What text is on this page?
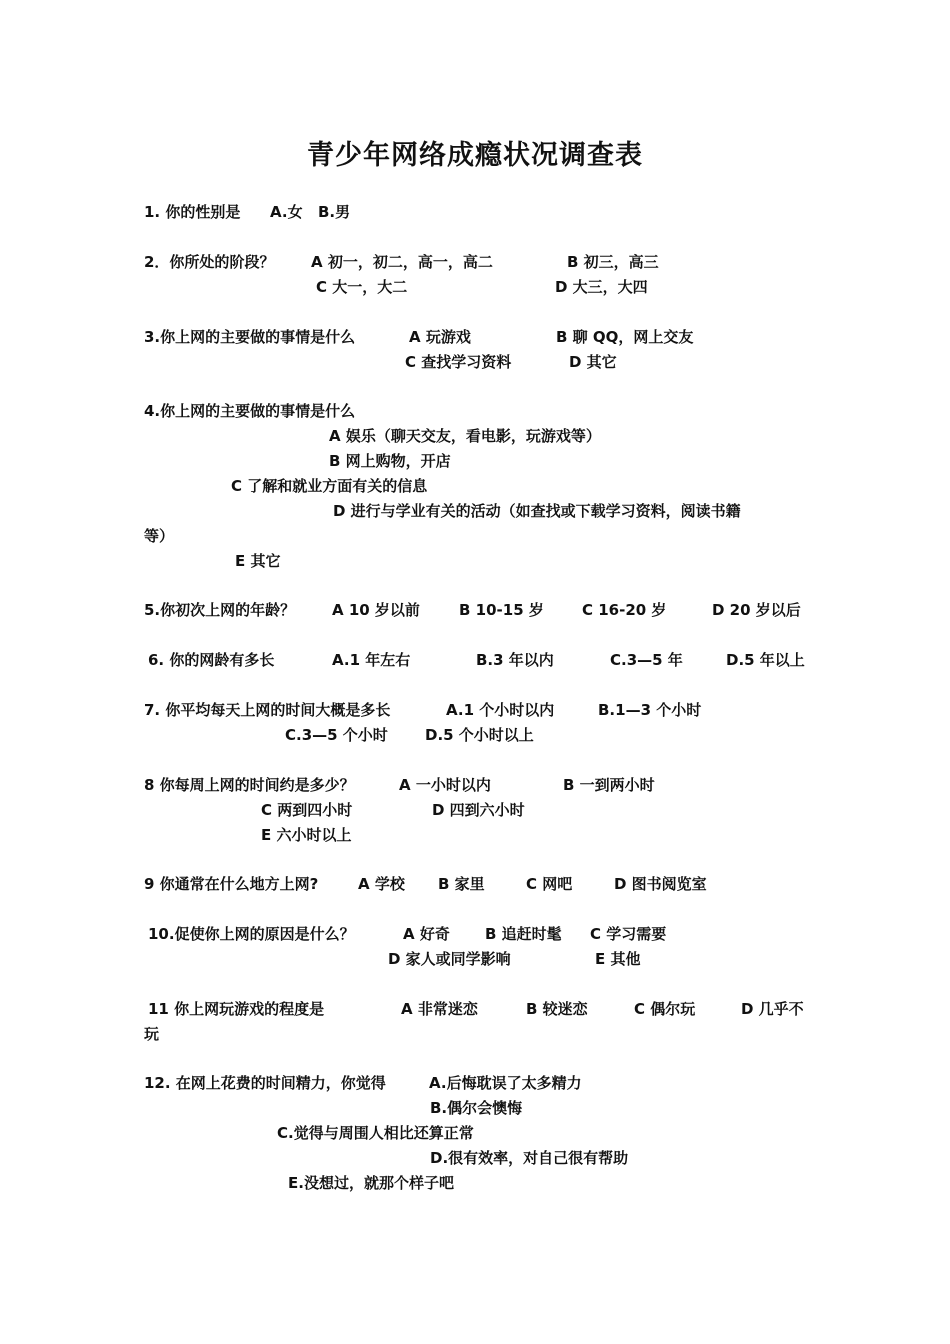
青少年网络成瘾状况调查表
1. 你的性别是 A.女 B.男
2．你所处的阶段？ A 初一，初二，高一，高二	B 初三，高三
C 大一，大二	D 大三，大四
3.你上网的主要做的事情是什么	A 玩游戏	B 聊 QQ，网上交友
C 查找学习资料	D 其它
4.你上网的主要做的事情是什么
A 娱乐（聊天交友，看电影，玩游戏等）
B 网上购物，开店
C 了解和就业方面有关的信息
D 进行与学业有关的活动（如查找或下载学习资料，阅读书籍
等）
E 其它
5.你初次上网的年龄？ A 10 岁以前	B 10-15 岁	C 16-20 岁	D 20 岁以后
6. 你的网龄有多长	A.1 年左右	B.3 年以内	C.3—5 年	D.5 年以上
7. 你平均每天上网的时间大概是多长	A.1 个小时以内	B.1—3 个小时
C.3—5 个小时 D.5 个小时以上
8 你每周上网的时间约是多少？	A 一小时以内	B 一到两小时
C 两到四小时	D 四到六小时
E 六小时以上
9 你通常在什么地方上网?	A 学校 B 家里	C 网吧	D 图书阅览室
10.促使你上网的原因是什么？	A 好奇 B 追赶时髦 C 学习需要
D 家人或同学影响	E 其他
11 你上网玩游戏的程度是	A 非常迷恋	B 较迷恋	C 偶尔玩	D 几乎不
玩
12. 在网上花费的时间精力，你觉得	A.后悔耽误了太多精力
B.偶尔会懊悔
C.觉得与周围人相比还算正常
D.很有效率，对自己很有帮助
E.没想过，就那个样子吧
